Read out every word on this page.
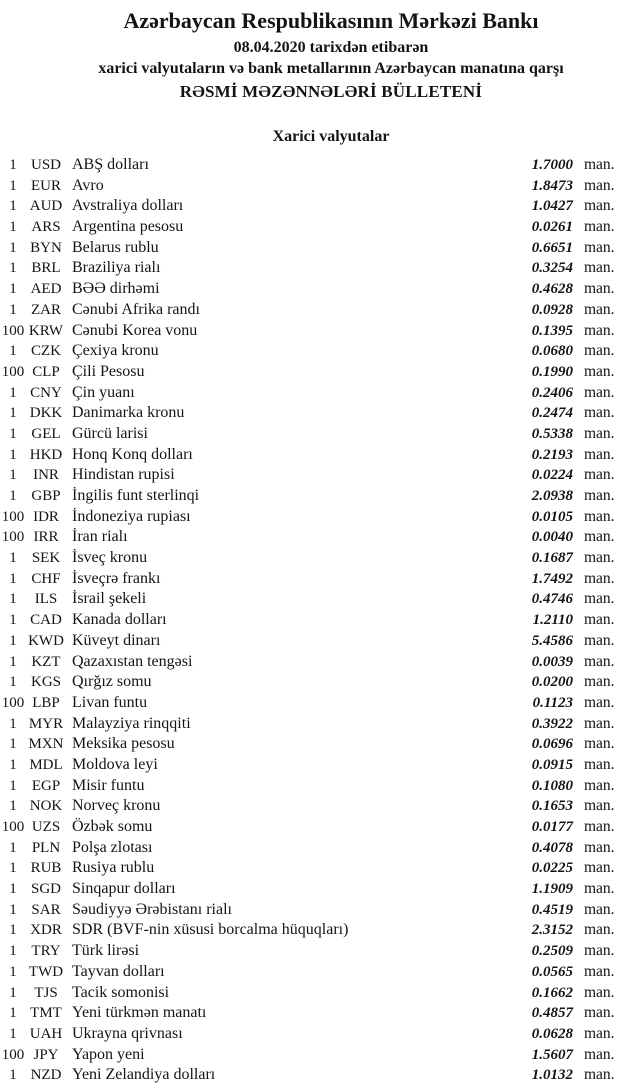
Azərbaycan Respublikasının Mərkəzi Bankı
08.04.2020 tarixdən etibarən
xarici valyutaların və bank metallarının Azərbaycan manatına qarşı
RƏSMİ MƏZƏNNƏLƏRİ BÜLLETENİ
Xarici valyutalar
1 USD ABŞ dolları	1.7000 man.
1 EUR Avro	1.8473 man.
1 AUD Avstraliya dolları	1.0427 man.
1 ARS Argentina pesosu	0.0261 man.
1 BYN Belarus rublu	0.6651 man.
1 BRL Braziliya rialı	0.3254 man.
1 AED BƏƏ dirhəmi	0.4628 man.
1 ZAR Cənubi Afrika randı	0.0928 man.
100 KRW Cənubi Korea vonu	0.1395 man.
1 CZK Çexiya kronu	0.0680 man.
100 CLP Çili Pesosu	0.1990 man.
1 CNY Çin yuanı	0.2406 man.
1 DKK Danimarka kronu	0.2474 man.
1 GEL Gürcü larisi	0.5338 man.
1 HKD Honq Konq dolları	0.2193 man.
1	INR Hindistan rupisi	0.0224 man.
1 GBP İngilis funt sterlinqi	2.0938 man.
100 IDR İndoneziya rupiası	0.0105 man.
100 IRR İran rialı	0.0040 man.
1	SEK İsveç kronu	0.1687 man.
1 CHF İsveçrə frankı	1.7492 man.
1	ILS İsrail şekeli	0.4746 man.
1 CAD Kanada dolları	1.2110 man.
1 KWD Küveyt dinarı	5.4586 man.
1 KZT Qazaxıstan tengəsi	0.0039 man.
1 KGS Qırğız somu	0.0200 man.
100 LBP Livan funtu	0.1123 man.
1 MYR Malayziya rinqqiti	0.3922 man.
1 MXN Meksika pesosu	0.0696 man.
1 MDL Moldova leyi	0.0915 man.
1	EGP Misir funtu	0.1080 man.
1 NOK Norveç kronu	0.1653 man.
100 UZS Özbək somu	0.0177 man.
1	PLN Polşa zlotası	0.4078 man.
1 RUB Rusiya rublu	0.0225 man.
1 SGD Sinqapur dolları	1.1909 man.
1 SAR Səudiyyə Ərəbistanı rialı	0.4519 man.
1 XDR SDR (BVF-nin xüsusi borcalma hüquqları)	2.3152 man.
1 TRY Türk lirəsi	0.2509 man.
1 TWD Tayvan dolları	0.0565 man.
1	TJS Tacik somonisi	0.1662 man.
1 TMT Yeni türkmən manatı	0.4857 man.
1 UAH Ukrayna qrivnası	0.0628 man.
100 JPY Yapon yeni	1.5607 man.
1 NZD Yeni Zelandiya dolları	1.0132 man.
